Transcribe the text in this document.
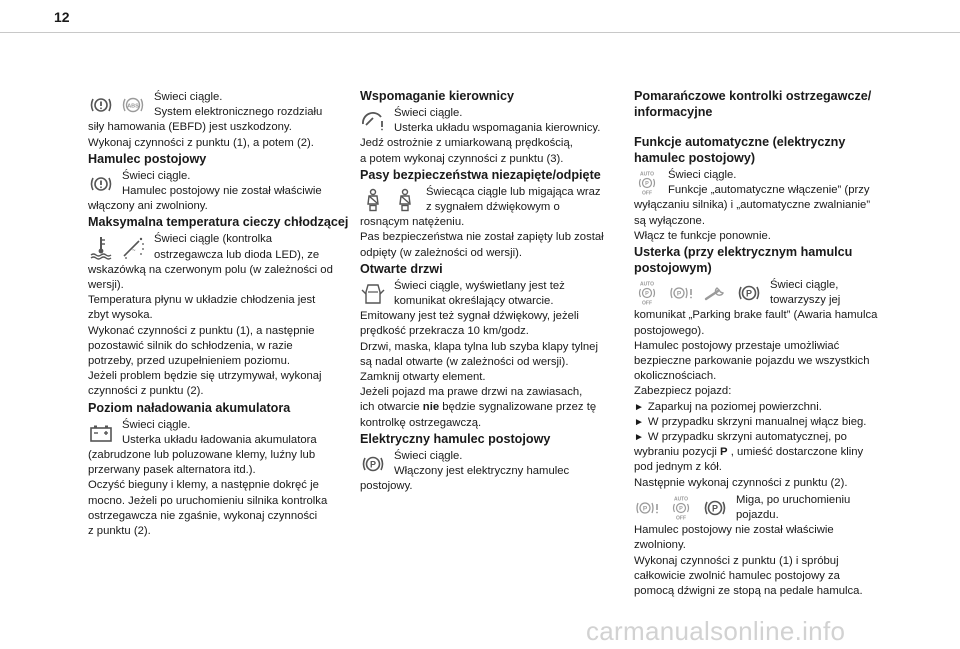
12
ABS
Świeci ciągle.
System elektronicznego rozdziału
siły hamowania (EBFD) jest uszkodzony.
Wykonaj czynności z punktu (1), a potem (2).

Hamulec postojowy

Świeci ciągle.
Hamulec postojowy nie został właściwie
włączony ani zwolniony.

Maksymalna temperatura cieczy chłodzącej

~
Świeci ciągle (kontrolka
ostrzegawcza lub dioda LED), ze
wskazówką na czerwonym polu (w zależności od
wersji).
Temperatura płynu w układzie chłodzenia jest
zbyt wysoka.
Wykonać czynności z punktu (1), a następnie
pozostawić silnik do schłodzenia, w razie
potrzeby, przed uzupełnieniem poziomu.
Jeżeli problem będzie się utrzymywał, wykonaj
czynności z punktu (2).

Poziom naładowania akumulatora

Świeci ciągle.
Usterka układu ładowania akumulatora
(zabrudzone lub poluzowane klemy, luźny lub
przerwany pasek alternatora itd.).
Oczyść bieguny i klemy, a następnie dokręć je
mocno. Jeżeli po uruchomieniu silnika kontrolka
ostrzegawcza nie zgaśnie, wykonaj czynności
z punktu (2).

Wspomaganie kierownicy

Świeci ciągle.
Usterka układu wspomagania kierownicy.
Jedź ostrożnie z umiarkowaną prędkością,
a potem wykonaj czynności z punktu (3).

Pasy bezpieczeństwa niezapięte/odpięte

Świecąca ciągle lub migająca wraz
z sygnałem dźwiękowym o
rosnącym natężeniu.
Pas bezpieczeństwa nie został zapięty lub został
odpięty (w zależności od wersji).

Otwarte drzwi

Świeci ciągle, wyświetlany jest też
komunikat określający otwarcie.
Emitowany jest też sygnał dźwiękowy, jeżeli
prędkość przekracza 10 km/godz.
Drzwi, maska, klapa tylna lub szyba klapy tylnej
są nadal otwarte (w zależności od wersji).
Zamknij otwarty element.
Jeżeli pojazd ma prawe drzwi na zawiasach,
ich otwarcie nie będzie sygnalizowane przez tę
kontrolkę ostrzegawczą.

Elektryczny hamulec postojowy

P
Świeci ciągle.
Włączony jest elektryczny hamulec
postojowy.

Pomarańczowe kontrolki ostrzegawcze/ informacyjne

Funkcje automatyczne (elektryczny hamulec postojowy)

AUTO
P
OFF
Świeci ciągle.
Funkcje „automatyczne włączenie” (przy
wyłączaniu silnika) i „automatyczne zwalnianie”
są wyłączone.
Włącz te funkcje ponownie.

Usterka (przy elektrycznym hamulcu postojowym)

AUTO
P
OFF
P	P
Świeci ciągle,
towarzyszy jej
komunikat „Parking brake fault” (Awaria hamulca
postojowego).
Hamulec postojowy przestaje umożliwiać
bezpieczne parkowanie pojazdu we wszystkich
okolicznościach.
Zabezpiecz pojazd:
► Zaparkuj na poziomej powierzchni.
► W przypadku skrzyni manualnej włącz bieg.
► W przypadku skrzyni automatycznej, po
wybraniu pozycji P , umieść dostarczone kliny
pod jednym z kół.
Następnie wykonaj czynności z punktu (2).
P
AUTO
P
OFF
P
Miga, po uruchomieniu
pojazdu.
Hamulec postojowy nie został właściwie
zwolniony.
Wykonaj czynności z punktu (1) i spróbuj
całkowicie zwolnić hamulec postojowy za
pomocą dźwigni ze stopą na pedale hamulca.
carmanualsonline.info
